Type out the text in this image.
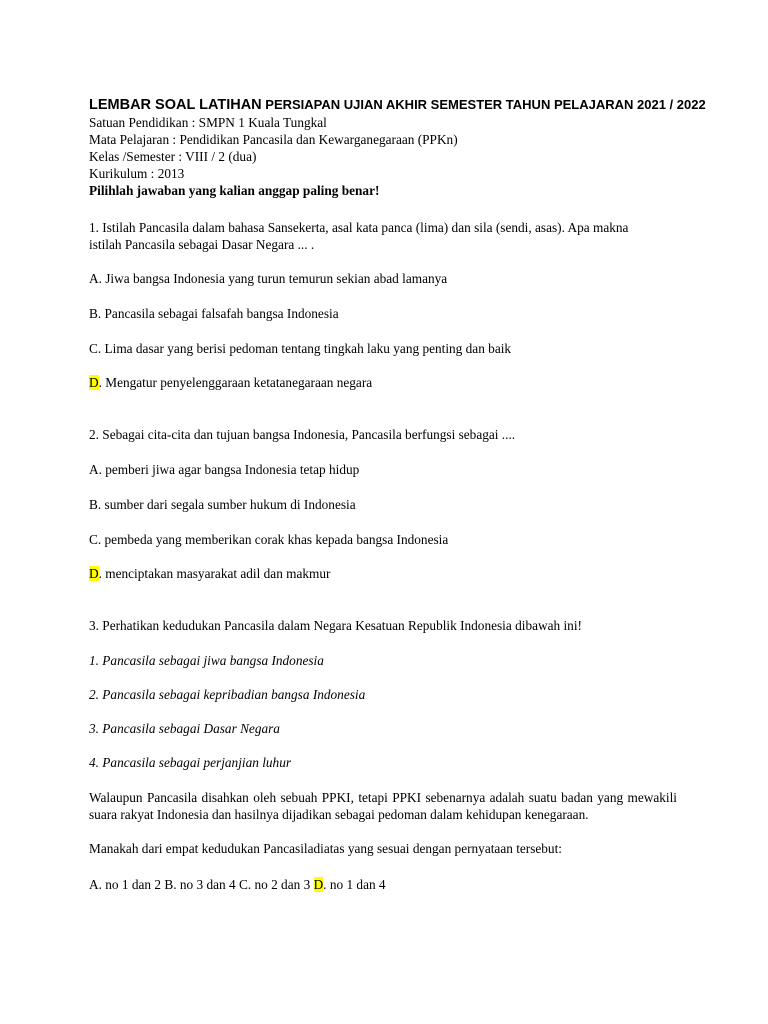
LEMBAR SOAL LATIHAN PERSIAPAN UJIAN AKHIR SEMESTER TAHUN PELAJARAN 2021 / 2022
Satuan Pendidikan : SMPN 1 Kuala Tungkal
Mata Pelajaran : Pendidikan Pancasila dan Kewarganegaraan (PPKn)
Kelas /Semester : VIII / 2 (dua)
Kurikulum : 2013
Pilihlah jawaban yang kalian anggap paling benar!
1. Istilah Pancasila dalam bahasa Sansekerta, asal kata panca (lima) dan sila (sendi, asas). Apa makna
istilah Pancasila sebagai Dasar Negara ... .
A. Jiwa bangsa Indonesia yang turun temurun sekian abad lamanya
B. Pancasila sebagai falsafah bangsa Indonesia
C. Lima dasar yang berisi pedoman tentang tingkah laku yang penting dan baik
D. Mengatur penyelenggaraan ketatanegaraan negara
2. Sebagai cita-cita dan tujuan bangsa Indonesia, Pancasila berfungsi sebagai ....
A. pemberi jiwa agar bangsa Indonesia tetap hidup
B. sumber dari segala sumber hukum di Indonesia
C. pembeda yang memberikan corak khas kepada bangsa Indonesia
D. menciptakan masyarakat adil dan makmur
3. Perhatikan kedudukan Pancasila dalam Negara Kesatuan Republik Indonesia dibawah ini!
1. Pancasila sebagai jiwa bangsa Indonesia
2. Pancasila sebagai kepribadian bangsa Indonesia
3. Pancasila sebagai Dasar Negara
4. Pancasila sebagai perjanjian luhur
Walaupun Pancasila disahkan oleh sebuah PPKI, tetapi PPKI sebenarnya adalah suatu badan yang mewakili suara rakyat Indonesia dan hasilnya dijadikan sebagai pedoman dalam kehidupan kenegaraan.
Manakah dari empat kedudukan Pancasiladiatas yang sesuai dengan pernyataan tersebut:
A. no 1 dan 2 B. no 3 dan 4 C. no 2 dan 3 D. no 1 dan 4
